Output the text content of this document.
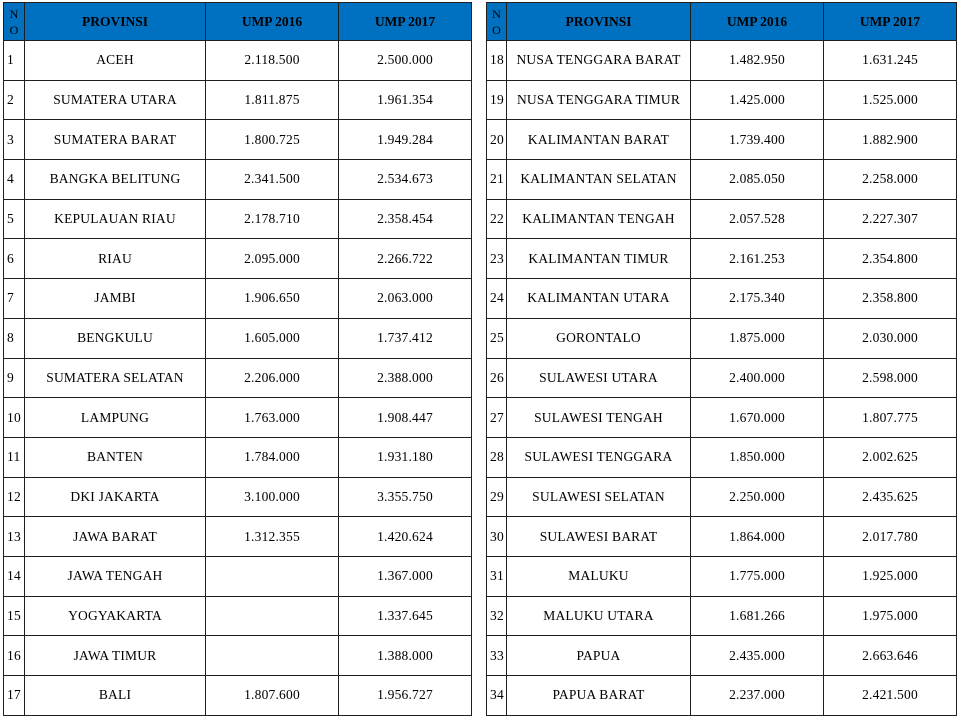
N
O	PROVINSI	UMP 2016	UMP 2017
1	ACEH	2.118.500	2.500.000
2	SUMATERA UTARA	1.811.875	1.961.354
3	SUMATERA BARAT	1.800.725	1.949.284
4	BANGKA BELITUNG	2.341.500	2.534.673
5	KEPULAUAN RIAU	2.178.710	2.358.454
6	RIAU	2.095.000	2.266.722
7	JAMBI	1.906.650	2.063.000
8	BENGKULU	1.605.000	1.737.412
9	SUMATERA SELATAN	2.206.000	2.388.000
10	LAMPUNG	1.763.000	1.908.447
11	BANTEN	1.784.000	1.931.180
12	DKI JAKARTA	3.100.000	3.355.750
13	JAWA BARAT	1.312.355	1.420.624
14	JAWA TENGAH		1.367.000
15	YOGYAKARTA		1.337.645
16	JAWA TIMUR		1.388.000
17	BALI	1.807.600	1.956.727
N
O	PROVINSI	UMP 2016	UMP 2017
18	NUSA TENGGARA BARAT	1.482.950	1.631.245
19	NUSA TENGGARA TIMUR	1.425.000	1.525.000
20	KALIMANTAN BARAT	1.739.400	1.882.900
21	KALIMANTAN SELATAN	2.085.050	2.258.000
22	KALIMANTAN TENGAH	2.057.528	2.227.307
23	KALIMANTAN TIMUR	2.161.253	2.354.800
24	KALIMANTAN UTARA	2.175.340	2.358.800
25	GORONTALO	1.875.000	2.030.000
26	SULAWESI UTARA	2.400.000	2.598.000
27	SULAWESI TENGAH	1.670.000	1.807.775
28	SULAWESI TENGGARA	1.850.000	2.002.625
29	SULAWESI SELATAN	2.250.000	2.435.625
30	SULAWESI BARAT	1.864.000	2.017.780
31	MALUKU	1.775.000	1.925.000
32	MALUKU UTARA	1.681.266	1.975.000
33	PAPUA	2.435.000	2.663.646
34	PAPUA BARAT	2.237.000	2.421.500
